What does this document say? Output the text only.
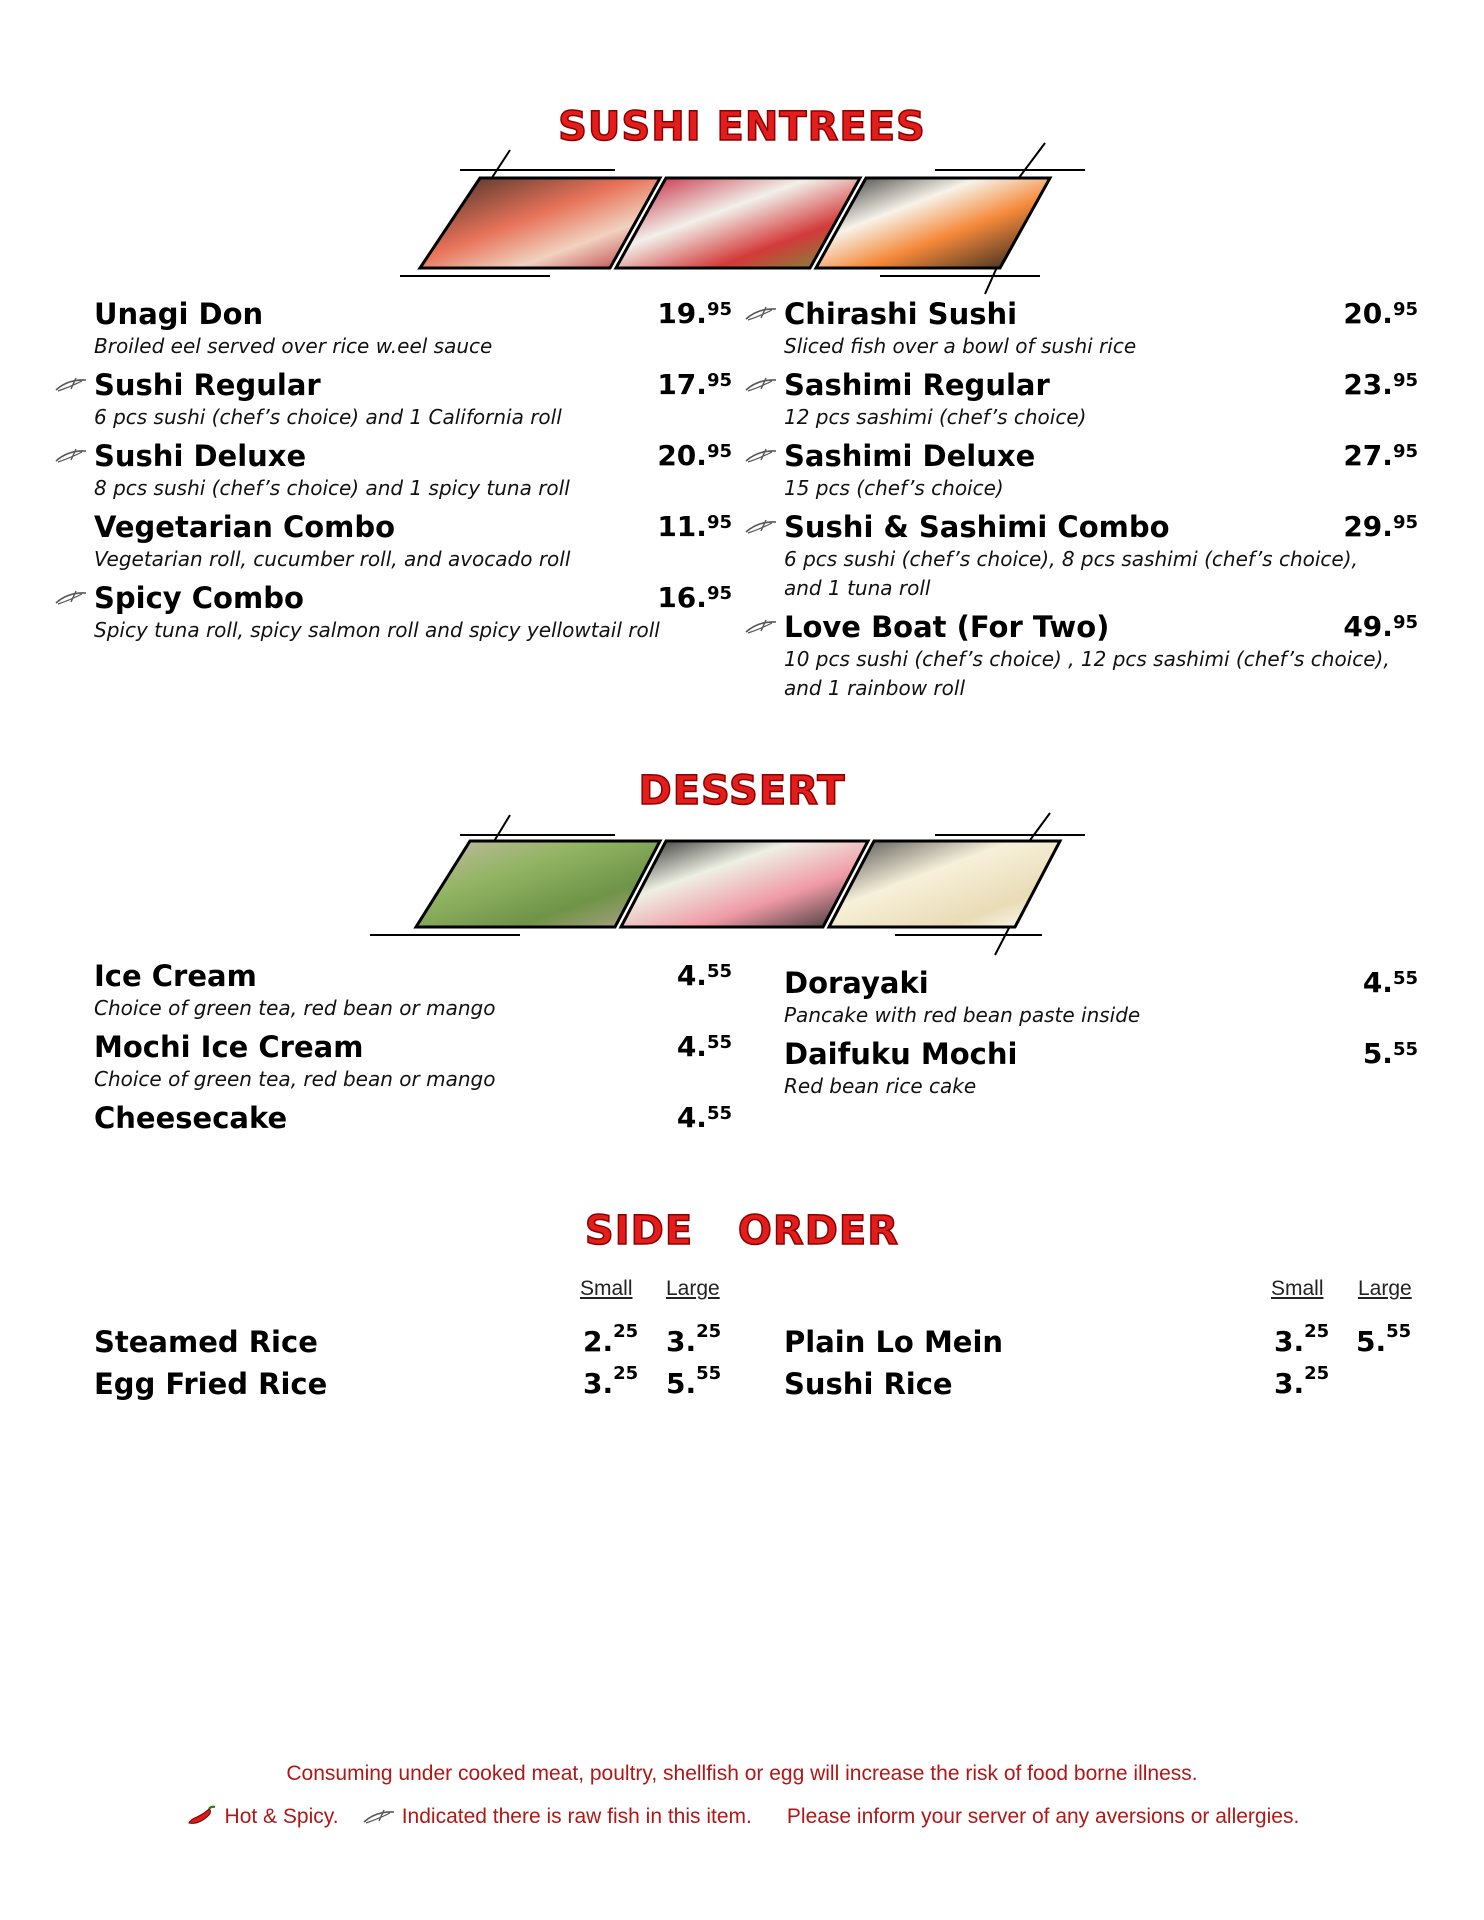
SUSHI ENTREES
Unagi Don
Broiled eel served over rice w.eel sauce
19.95
Sushi Regular
6 pcs sushi (chef’s choice) and 1 California roll
17.95
Sushi Deluxe
8 pcs sushi (chef’s choice) and 1 spicy tuna roll
20.95
Vegetarian Combo
Vegetarian roll, cucumber roll, and avocado roll
11.95
Spicy Combo
Spicy tuna roll, spicy salmon roll and spicy yellowtail roll
16.95
Chirashi Sushi
Sliced fish over a bowl of sushi rice
20.95
Sashimi Regular
12 pcs sashimi (chef’s choice)
23.95
Sashimi Deluxe
15 pcs (chef’s choice)
27.95
Sushi & Sashimi Combo
6 pcs sushi (chef’s choice), 8 pcs sashimi (chef’s choice),
and 1 tuna roll
29.95
Love Boat (For Two)
10 pcs sushi (chef’s choice) , 12 pcs sashimi (chef’s choice),
and 1 rainbow roll
49.95
DESSERT
Ice Cream
Choice of green tea, red bean or mango
4.55
Mochi Ice Cream
Choice of green tea, red bean or mango
4.55
Cheesecake	4.55
Dorayaki
Pancake with red bean paste inside
4.55
Daifuku Mochi
Red bean rice cake
5.55
SIDE   ORDER
Small Large	Small Large
Steamed Rice	2.25 3.25
Egg Fried Rice	3.25 5.55
Plain Lo Mein	3.25 5.55
Sushi Rice	3.25
Consuming under cooked meat, poultry, shellfish or egg will increase the risk of food borne illness.
Hot & Spicy.	Indicated there is raw fish in this item. Please inform your server of any aversions or allergies.
